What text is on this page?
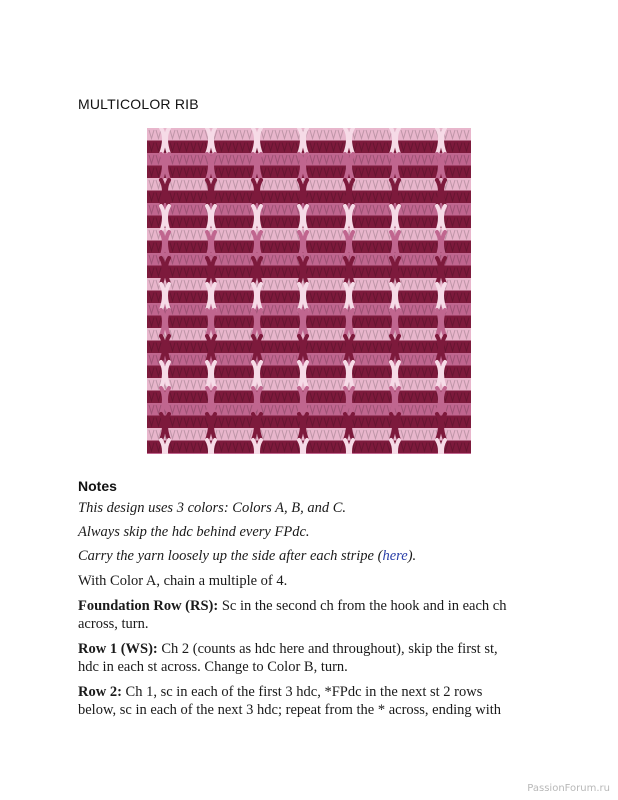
MULTICOLOR RIB
Notes
This design uses 3 colors: Colors A, B, and C.
Always skip the hdc behind every FPdc.
Carry the yarn loosely up the side after each stripe (here).
With Color A, chain a multiple of 4.
Foundation Row (RS): Sc in the second ch from the hook and in each ch
across, turn.
Row 1 (WS): Ch 2 (counts as hdc here and throughout), skip the first st,
hdc in each st across. Change to Color B, turn.
Row 2: Ch 1, sc in each of the first 3 hdc, *FPdc in the next st 2 rows
below, sc in each of the next 3 hdc; repeat from the * across, ending with
PassionForum.ru
